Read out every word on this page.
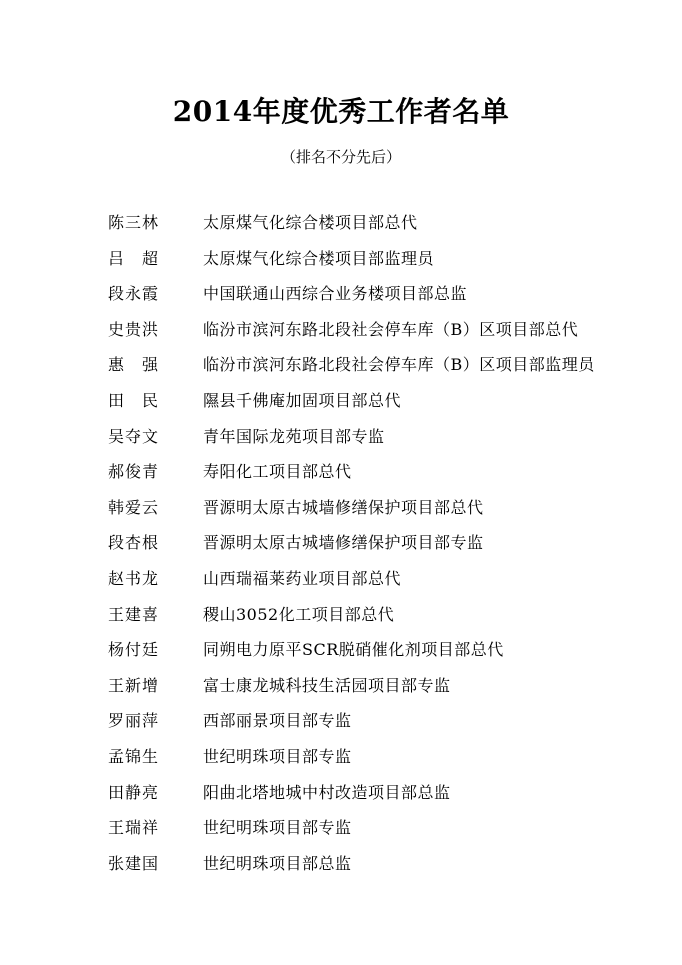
2014年度优秀工作者名单
（排名不分先后）
陈三林	太原煤气化综合楼项目部总代
吕　超	太原煤气化综合楼项目部监理员
段永霞	中国联通山西综合业务楼项目部总监
史贵洪	临汾市滨河东路北段社会停车库（B）区项目部总代
惠　强	临汾市滨河东路北段社会停车库（B）区项目部监理员
田　民	隰县千佛庵加固项目部总代
吴夺文	青年国际龙苑项目部专监
郝俊青	寿阳化工项目部总代
韩爱云	晋源明太原古城墙修缮保护项目部总代
段杏根	晋源明太原古城墙修缮保护项目部专监
赵书龙	山西瑞福莱药业项目部总代
王建喜	稷山3052化工项目部总代
杨付廷	同朔电力原平SCR脱硝催化剂项目部总代
王新增	富士康龙城科技生活园项目部专监
罗丽萍	西部丽景项目部专监
孟锦生	世纪明珠项目部专监
田静亮	阳曲北塔地城中村改造项目部总监
王瑞祥	世纪明珠项目部专监
张建国	世纪明珠项目部总监
